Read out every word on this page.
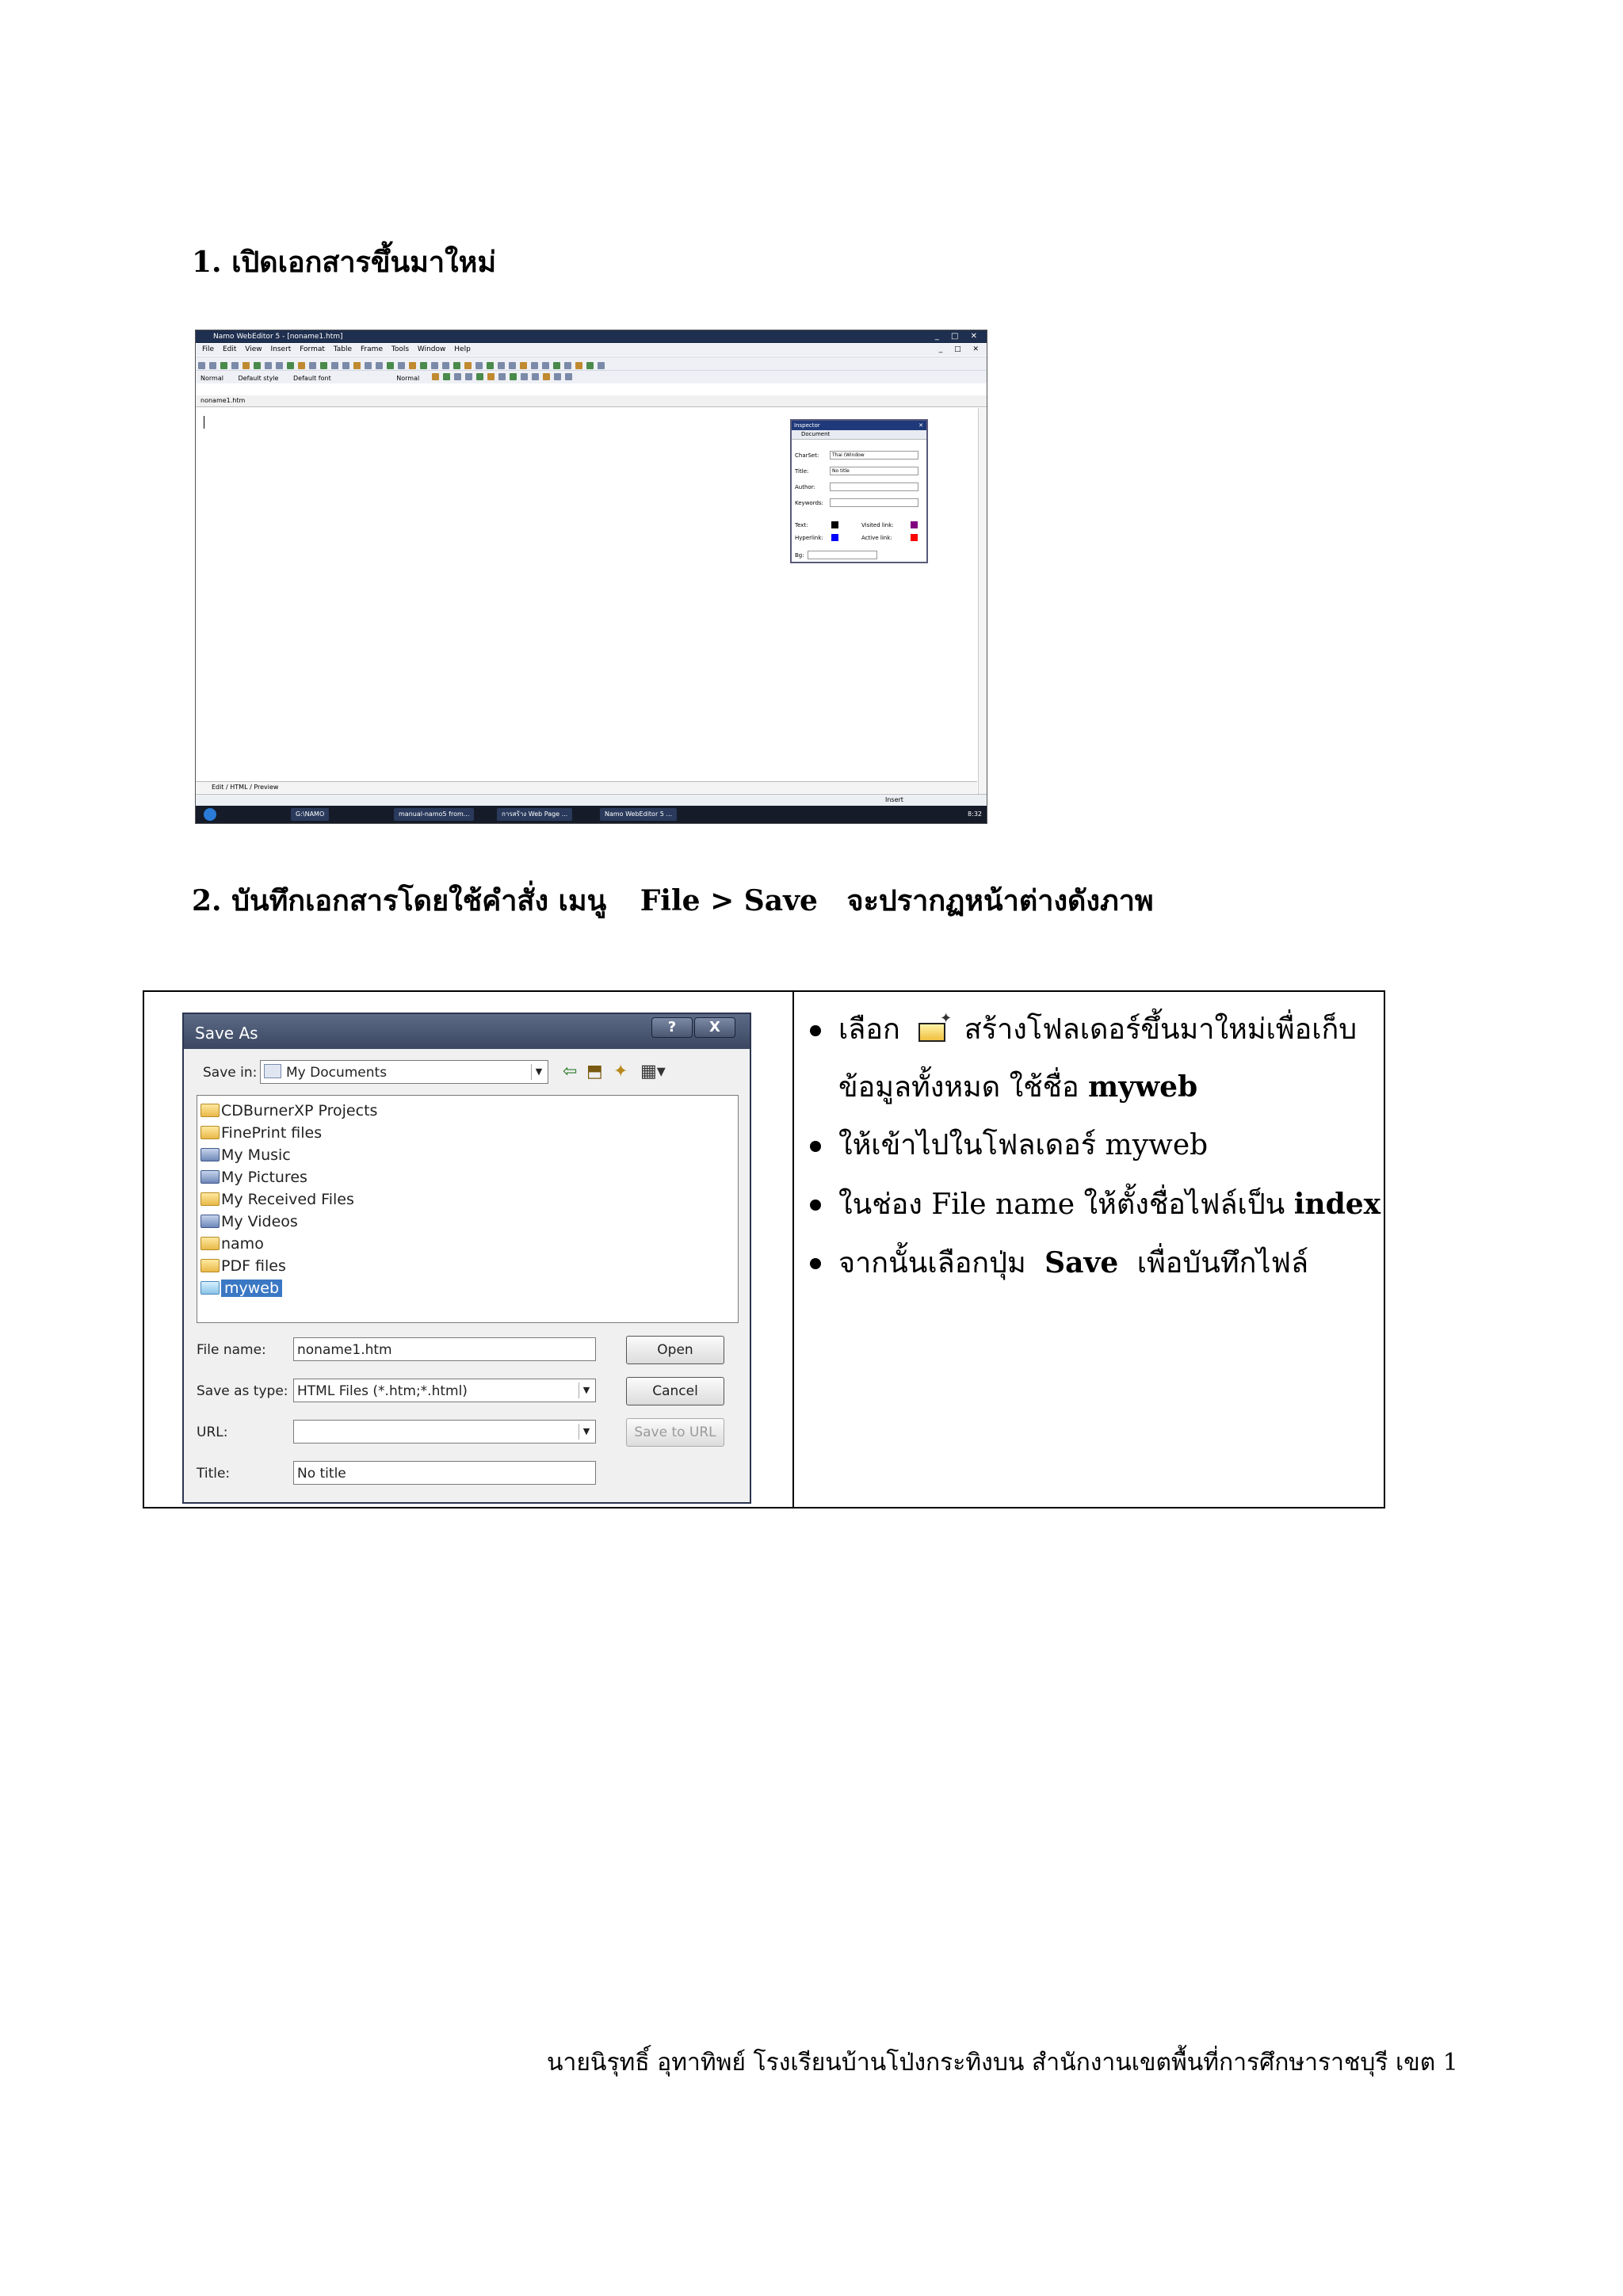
1. เปิดเอกสารขึ้นมาใหม่
Namo WebEditor 5 - [noname1.htm]	_ □ ✕
File Edit View Insert Format Table Frame Tools Window Help	_ □ ✕
Normal Default style Default font	Normal
noname1.htm
Inspector	✕
Document
CharSet:	Thai (Window
Title:	No title
Author:
Keywords:
Text:	Visited link:
Hyperlink:	Active link:
Bg:
Edit / HTML / Preview
Insert
G:\NAMO	manual-namo5 from...	การสร้าง Web Page ...	Namo WebEditor 5 ...	8:32
2. บันทึกเอกสารโดยใช้คำสั่ง เมนู File > Save จะปรากฏหน้าต่างดังภาพ
Save As	?	X
Save in:	My Documents	▼ ⇦ ⬒ ✦ ▦▾
CDBurnerXP Projects
FinePrint files
My Music
My Pictures
My Received Files
My Videos
namo
PDF files
myweb
File name: noname1.htm	Open
Save as type: HTML Files (*.htm;*.html)	▼	Cancel
URL:	▼	Save to URL
Title:	No title
เลือก	✦ สร้างโฟลเดอร์ขึ้นมาใหม่เพื่อเก็บ
ข้อมูลทั้งหมด ใช้ชื่อ myweb
ให้เข้าไปในโฟลเดอร์ myweb
ในช่อง File name ให้ตั้งชื่อไฟล์เป็น index
จากนั้นเลือกปุ่ม Save เพื่อบันทึกไฟล์
นายนิรุทธิ์ อุทาทิพย์ โรงเรียนบ้านโป่งกระทิงบน สำนักงานเขตพื้นที่การศึกษาราชบุรี เขต 1
